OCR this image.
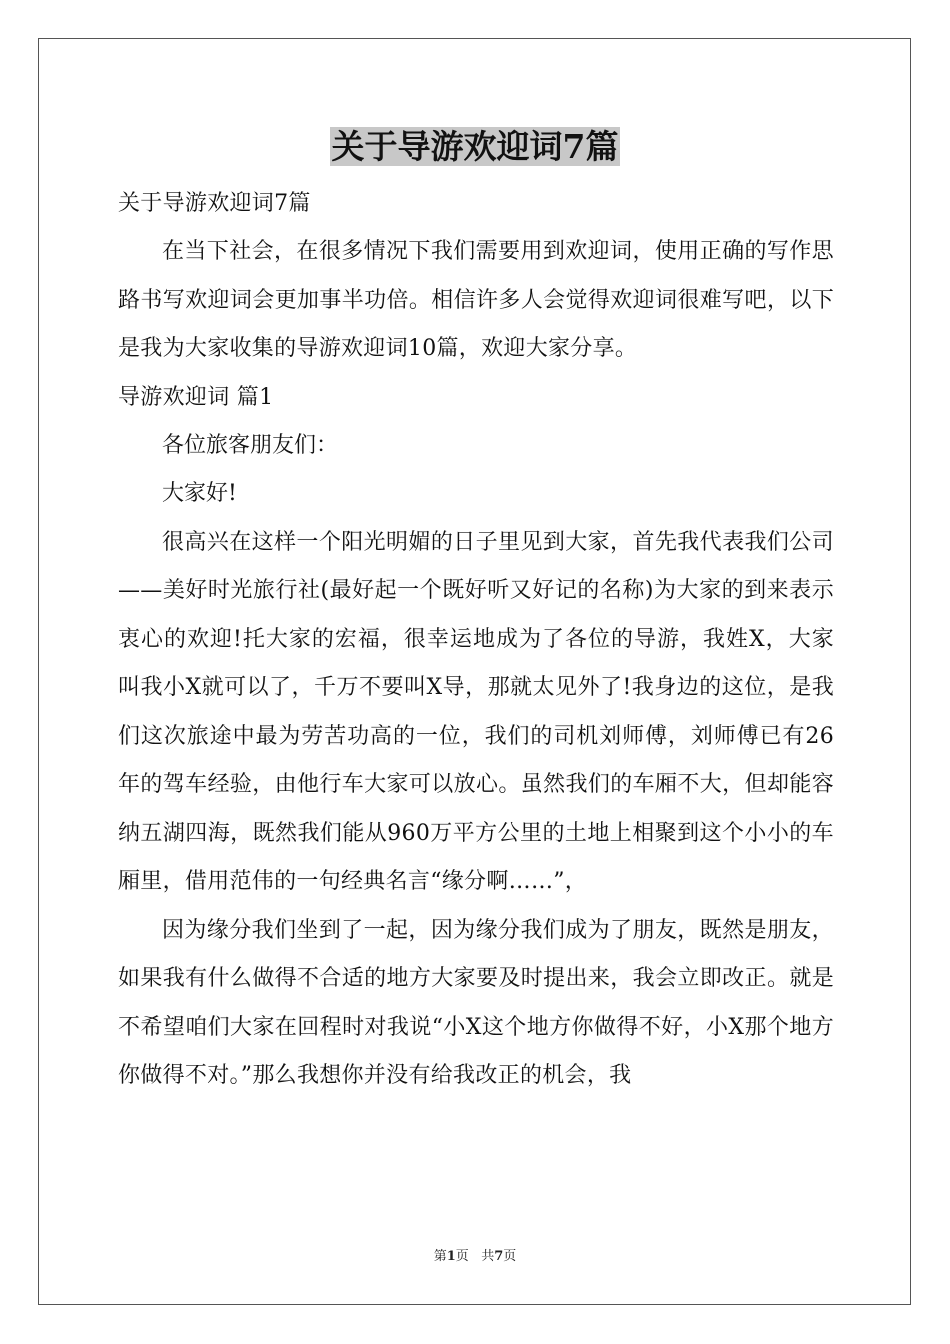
关于导游欢迎词7篇
关于导游欢迎词7篇
在当下社会，在很多情况下我们需要用到欢迎词，使用正确的写作思路书写欢迎词会更加事半功倍。相信许多人会觉得欢迎词很难写吧，以下是我为大家收集的导游欢迎词10篇，欢迎大家分享。
导游欢迎词 篇1
各位旅客朋友们：
大家好!
很高兴在这样一个阳光明媚的日子里见到大家，首先我代表我们公司——美好时光旅行社(最好起一个既好听又好记的名称)为大家的到来表示衷心的欢迎!托大家的宏福，很幸运地成为了各位的导游，我姓X，大家叫我小X就可以了，千万不要叫X导，那就太见外了!我身边的这位，是我们这次旅途中最为劳苦功高的一位，我们的司机刘师傅，刘师傅已有26年的驾车经验，由他行车大家可以放心。虽然我们的车厢不大，但却能容纳五湖四海，既然我们能从960万平方公里的土地上相聚到这个小小的车厢里，借用范伟的一句经典名言“缘分啊……”，
因为缘分我们坐到了一起，因为缘分我们成为了朋友，既然是朋友，如果我有什么做得不合适的地方大家要及时提出来，我会立即改正。就是不希望咱们大家在回程时对我说“小X这个地方你做得不好，小X那个地方你做得不对。”那么我想你并没有给我改正的机会，我
第1页   共7页
